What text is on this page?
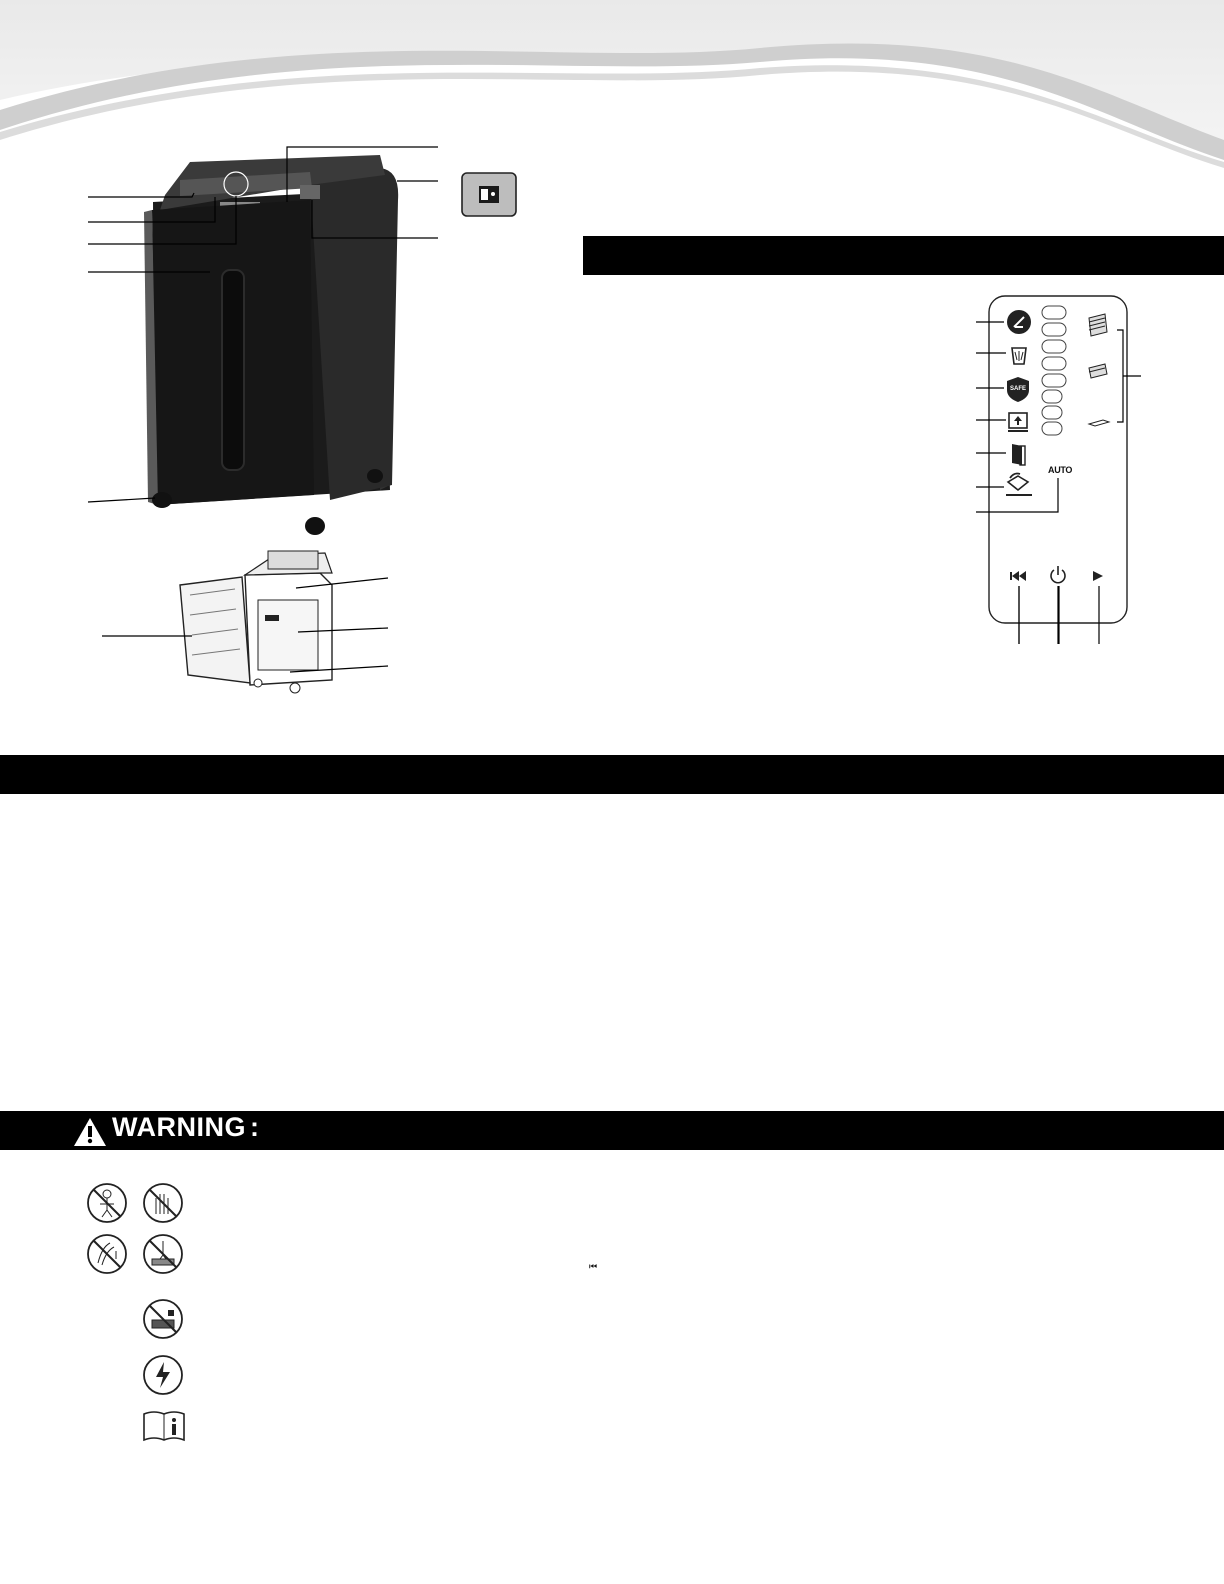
SAFE
AUTO
WARNING :
⏮
